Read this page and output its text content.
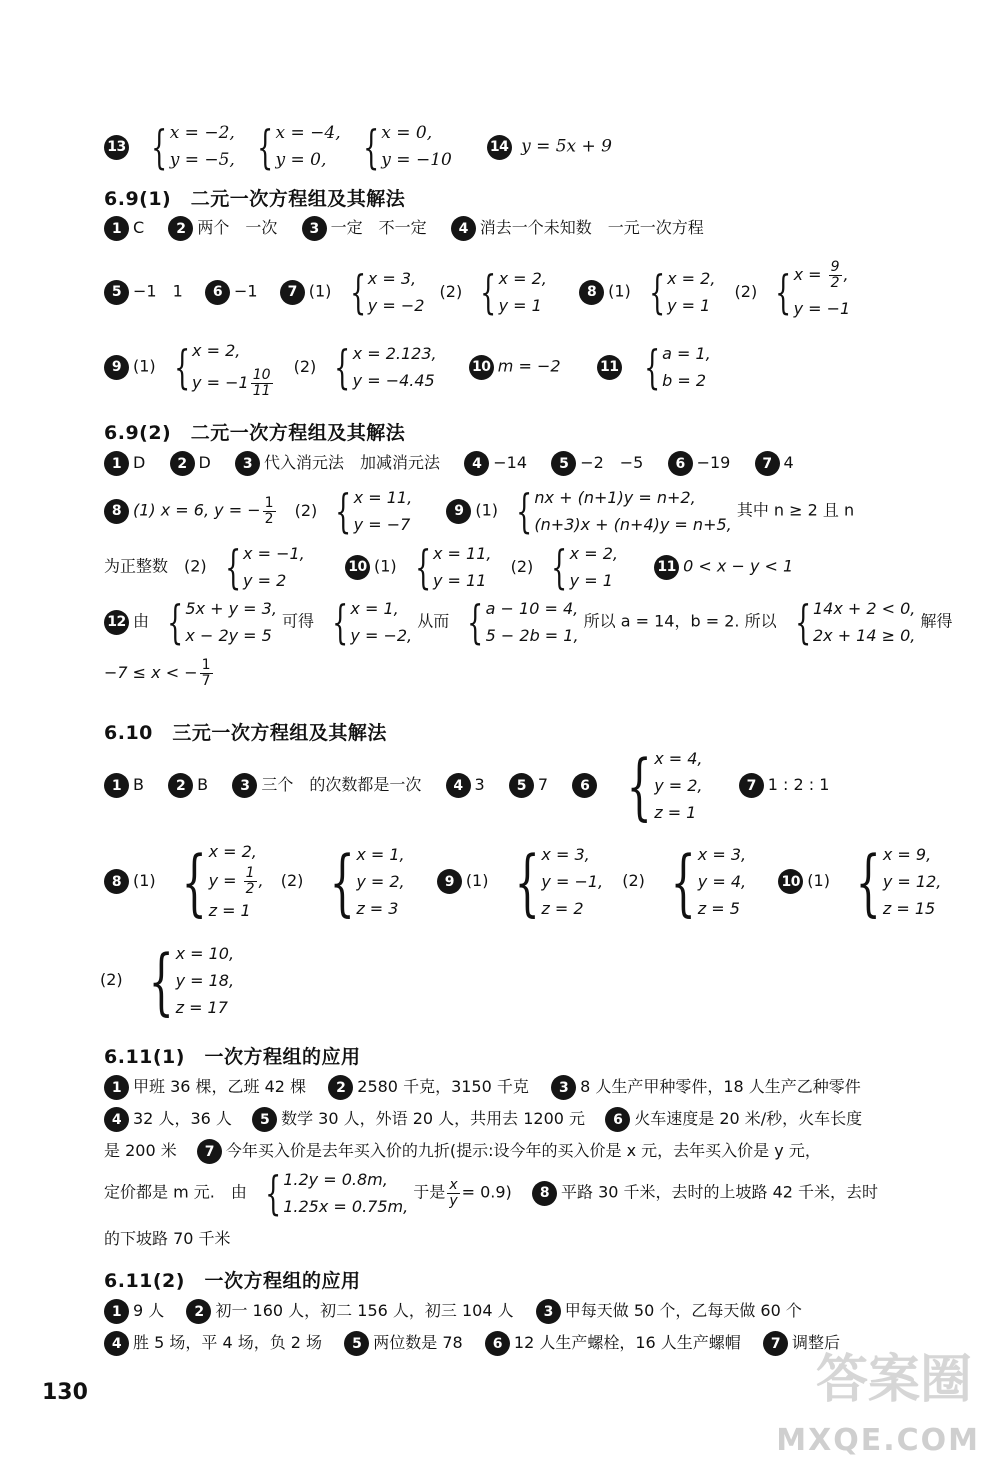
13 { x = −2,
y = −5,
{ x = −4,
y = 0,
{ x = 0,
y = −10
14 y = 5x + 9
6.9(1)　二元一次方程组及其解法
1 C 2 两个　一次 3 一定　不一定 4 消去一个未知数　一元一次方程
5 −1　1 6 −1 7 (1) { x = 3,
y = −2
(2) { x = 2,
y = 1
8 (1) { x = 2,
y = 1
(2) { $x = \frac{9}{2}$ ,
y = −1
9 (1) { x = 2,
$y = -1 \frac{10}{11}$
(2) { x = 2.123,
y = −4.45
10 m = −2	11 { a = 1,
b = 2
6.9(2)　二元一次方程组及其解法
1 D 2 D 3 代入消元法　加减消元法 4 −14 5 −2　−5 6 −19 7 4
8 (1) x = 6, y = − $\frac{1}{2} (2)$ { x = 11,
y = −7
9 (1) { nx + (n+1)y = n+2,
(n+3)x + (n+4)y = n+5,
其中 n ≥ 2 且 n
为正整数　(2) { x = −1,
y = 2
10 (1) { x = 11,
y = 11
(2) { x = 2,
y = 1
11 0 < x − y < 1
12 由 { 5x + y = 3,
x − 2y = 5
可得 { x = 1,
y = −2,
从而 { a − 10 = 4,
5 − 2b = 1,
所以 a = 14，b = 2. 所以 { 14x + 2 < 0,
2x + 14 ≥ 0,
解得
−7 ≤ x < − $\frac{1}{7}$
6.10　三元一次方程组及其解法
1 B 2 B 3 三个　的次数都是一次 4 3 5 7 6 { x = 4,
y = 2,
z = 1
7 1 : 2 : 1
8 (1) { x = 2,
$y = \frac{1}{2}$ ,
z = 1
(2) { x = 1,
y = 2,
z = 3
9 (1) { x = 3,
y = −1,
z = 2
(2) { x = 3,
y = 4,
z = 5
10 (1) { x = 9,
y = 12,
z = 15
(2) { x = 10,
y = 18,
z = 17
6.11(1)　一次方程组的应用
1 甲班 36 棵，乙班 42 棵 2 2580 千克，3150 千克 3 8 人生产甲种零件，18 人生产乙种零件
4 32 人，36 人 5 数学 30 人，外语 20 人，共用去 1200 元 6 火车速度是 20 米/秒，火车长度
是 200 米 7 今年买入价是去年买入价的九折(提示:设今年的买入价是 x 元，去年买入价是 y 元，
定价都是 m 元.　由 { 1.2y = 0.8m,
1.25x = 0.75m,
于是 $\frac{x}{y} = 0.9$) 8 平路 30 千米，去时的上坡路 42 千米，去时
的下坡路 70 千米
6.11(2)　一次方程组的应用
1 9 人 2 初一 160 人，初二 156 人，初三 104 人 3 甲每天做 50 个，乙每天做 60 个
4 胜 5 场，平 4 场，负 2 场 5 两位数是 78 6 12 人生产螺栓，16 人生产螺帽 7 调整后
130	答案圈
MXQE.COM
